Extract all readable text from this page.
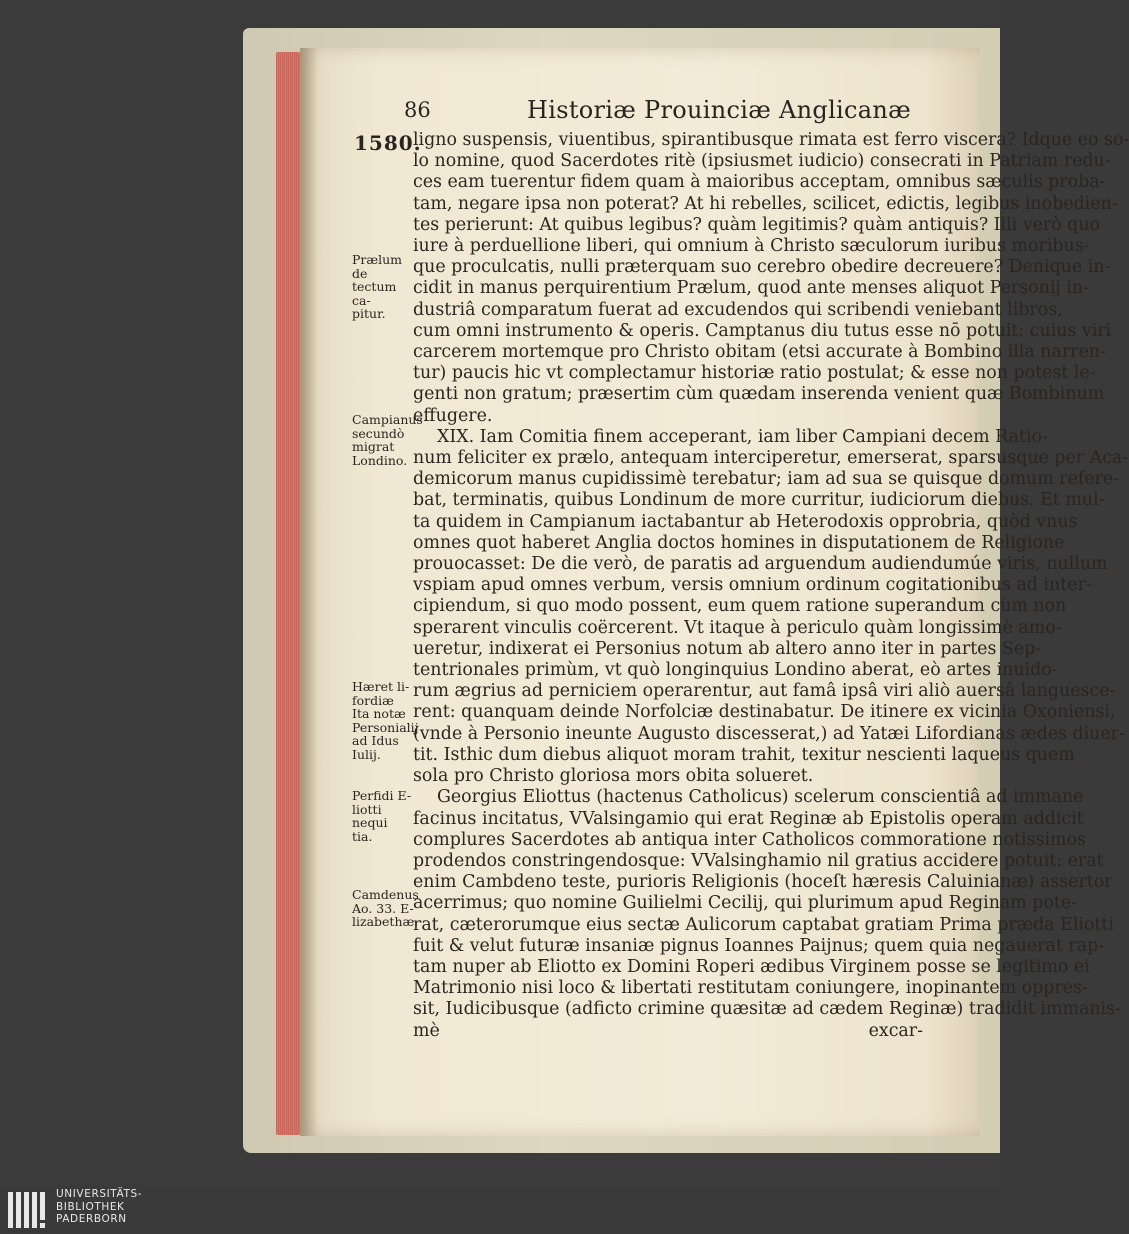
86	Historiæ Prouinciæ Anglicanæ
1580.
Prælum de
tectum ca-
pitur.
Campianus
secundò
migrat
Londino.
Hæret li-
fordiæ
Ita notæ
Personialij
ad Idus
Iulij.
Perfidi E-
liotti nequi
tia.
Camdenus
Ao. 33. E-
lizabethæ.
ligno suspensis, viuentibus, spirantibusque rimata est ferro viscera? Idque eo so-
lo nomine, quod Sacerdotes ritè (ipsiusmet iudicio) consecrati in Patriam redu-
ces eam tuerentur fidem quam à maioribus acceptam, omnibus sæculis proba-
tam, negare ipsa non poterat? At hi rebelles, scilicet, edictis, legibus inobedien-
tes perierunt: At quibus legibus? quàm legitimis? quàm antiquis? Illi verò quo
iure à perduellione liberi, qui omnium à Christo sæculorum iuribus moribus-
que proculcatis, nulli præterquam suo cerebro obedire decreuere? Denique in-
cidit in manus perquirentium Prælum, quod ante menses aliquot Personij in-
dustriâ comparatum fuerat ad excudendos qui scribendi veniebant libros,
cum omni instrumento & operis. Camptanus diu tutus esse nō potuit: cuius viri
carcerem mortemque pro Christo obitam (etsi accurate à Bombino illa narren-
tur) paucis hic vt complectamur historiæ ratio postulat; & esse non potest le-
genti non gratum; præsertim cùm quædam inserenda venient quæ Bombinum
effugere.
XIX. Iam Comitia finem acceperant, iam liber Campiani decem Ratio-
num feliciter ex prælo, antequam interciperetur, emerserat, sparsusque per Aca-
demicorum manus cupidissimè terebatur; iam ad sua se quisque domum refere-
bat, terminatis, quibus Londinum de more curritur, iudiciorum diebus. Et mul-
ta quidem in Campianum iactabantur ab Heterodoxis opprobria, quòd vnus
omnes quot haberet Anglia doctos homines in disputationem de Religione
prouocasset: De die verò, de paratis ad arguendum audiendumúe viris, nullum
vspiam apud omnes verbum, versis omnium ordinum cogitationibus ad inter-
cipiendum, si quo modo possent, eum quem ratione superandum cùm non
sperarent vinculis coërcerent. Vt itaque à periculo quàm longissimè amo-
ueretur, indixerat ei Personius notum ab altero anno iter in partes Sep-
tentrionales primùm, vt quò longinquius Londino aberat, eò artes inuido-
rum ægrius ad perniciem operarentur, aut famâ ipsâ viri aliò auersâ languesce-
rent: quanquam deinde Norfolciæ destinabatur. De itinere ex vicinia Oxoniensi,
(vnde à Personio ineunte Augusto discesserat,) ad Yatæi Lifordianas ædes diuer-
tit. Isthic dum diebus aliquot moram trahit, texitur nescienti laqueus quem
sola pro Christo gloriosa mors obita solueret.
Georgius Eliottus (hactenus Catholicus) scelerum conscientiâ ad immane
facinus incitatus, VValsingamio qui erat Reginæ ab Epistolis operam addicit
complures Sacerdotes ab antiqua inter Catholicos commoratione notissimos
prodendos constringendosque: VValsinghamio nil gratius accidere potuit: erat
enim Cambdeno teste, purioris Religionis (hoceſt hæresis Caluinianæ) assertor
acerrimus; quo nomine Guilielmi Cecilij, qui plurimum apud Reginam pote-
rat, cæterorumque eius sectæ Aulicorum captabat gratiam Prima præda Eliotti
fuit & velut futuræ insaniæ pignus Ioannes Paijnus; quem quia negauerat rap-
tam nuper ab Eliotto ex Domini Roperi ædibus Virginem posse se legitimo ei
Matrimonio nisi loco & libertati restitutam coniungere, inopinantem oppres-
sit, Iudicibusque (adficto crimine quæsitæ ad cædem Reginæ) tradidit immanis-
mè excar-
UNIVERSITÄTS-
BIBLIOTHEK
PADERBORN
